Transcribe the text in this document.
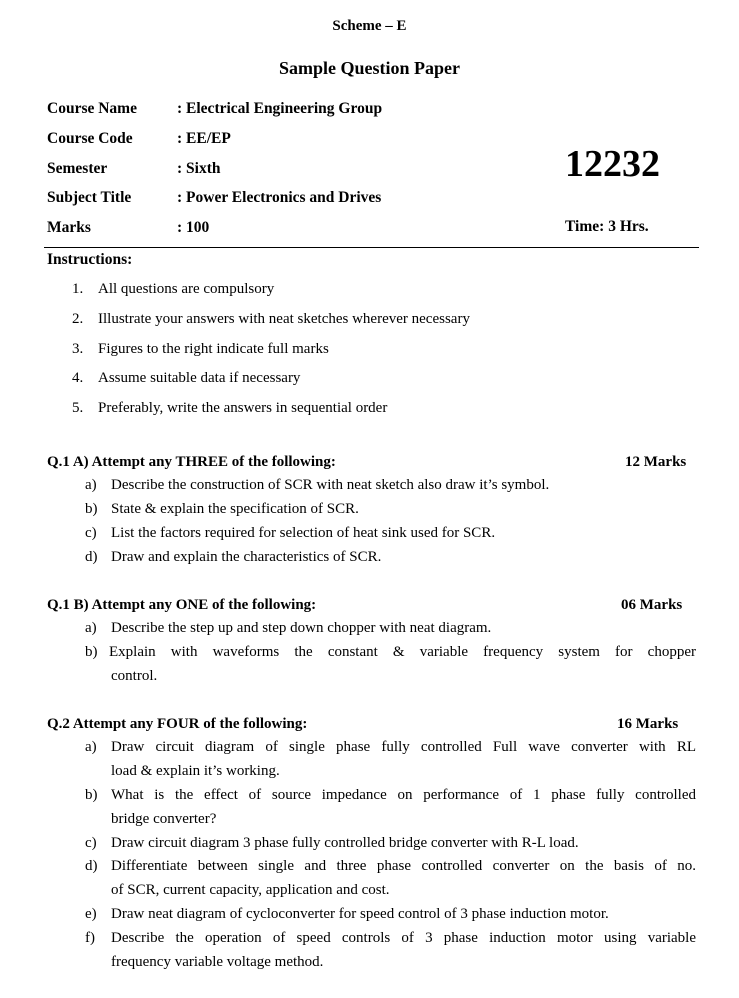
Scheme – E
Sample Question Paper
Course Name	: Electrical Engineering Group
Course Code	: EE/EP
Semester	: Sixth
Subject Title	: Power Electronics and Drives
Marks	: 100
12232
Time: 3 Hrs.
Instructions:
1. All questions are compulsory
2. Illustrate your answers with neat sketches wherever necessary
3. Figures to the right indicate full marks
4. Assume suitable data if necessary
5. Preferably, write the answers in sequential order
Q.1 A) Attempt any THREE of the following:	12 Marks
a) Describe the construction of SCR with neat sketch also draw it’s symbol.
b) State & explain the specification of SCR.
c) List the factors required for selection of heat sink used for SCR.
d) Draw and explain the characteristics of SCR.
Q.1 B) Attempt any ONE of the following:	06 Marks
a) Describe the step up and step down chopper with neat diagram.
b) Explain with waveforms the constant & variable frequency system for chopper
control.
Q.2 Attempt any FOUR of the following:	16 Marks
a) Draw circuit diagram of single phase fully controlled Full wave converter with RL
load & explain it’s working.
b) What is the effect of source impedance on performance of 1 phase fully controlled
bridge converter?
c) Draw circuit diagram 3 phase fully controlled bridge converter with R-L load.
d) Differentiate between single and three phase controlled converter on the basis of no.
of SCR, current capacity, application and cost.
e) Draw neat diagram of cycloconverter for speed control of 3 phase induction motor.
f) Describe the operation of speed controls of 3 phase induction motor using variable
frequency variable voltage method.
